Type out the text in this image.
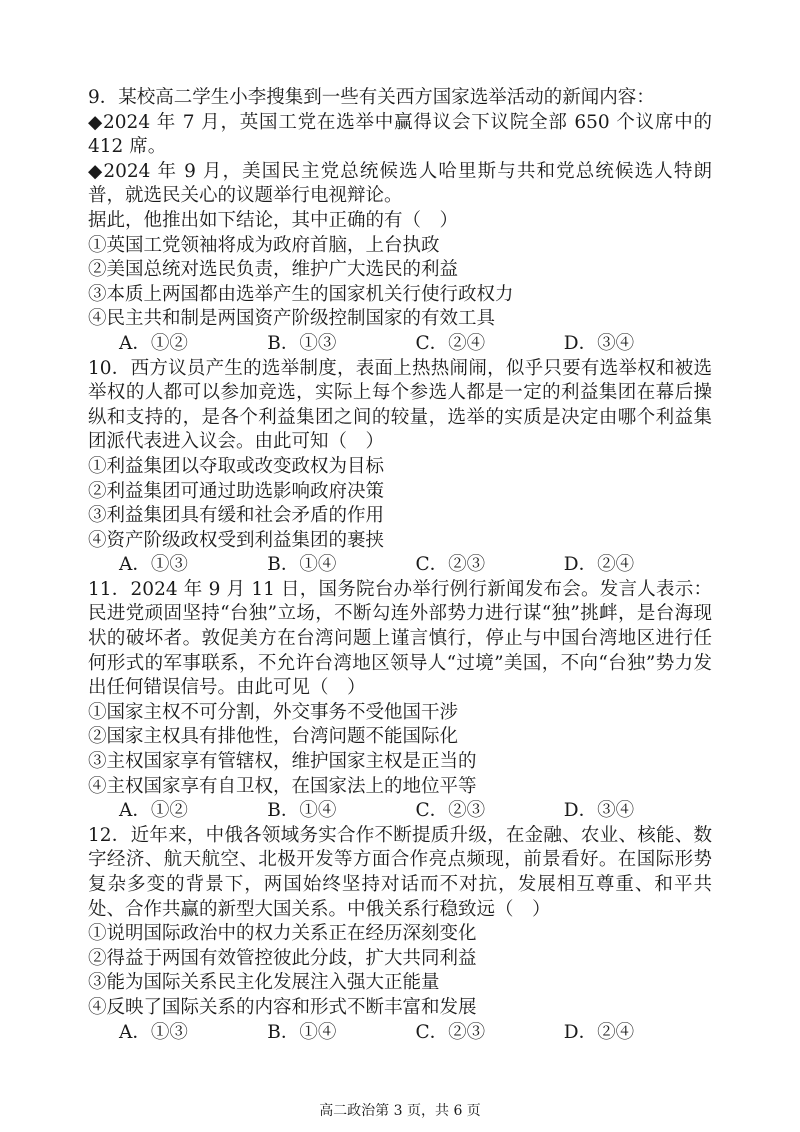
9．某校高二学生小李搜集到一些有关西方国家选举活动的新闻内容：
◆2024 年 7 月，英国工党在选举中赢得议会下议院全部 650 个议席中的 412 席。
◆2024 年 9 月，美国民主党总统候选人哈里斯与共和党总统候选人特朗普，就选民关心的议题举行电视辩论。
据此，他推出如下结论，其中正确的有（　）
①英国工党领袖将成为政府首脑，上台执政
②美国总统对选民负责，维护广大选民的利益
③本质上两国都由选举产生的国家机关行使行政权力
④民主共和制是两国资产阶级控制国家的有效工具
A．①②	B．①③	C．②④	D．③④
10．西方议员产生的选举制度，表面上热热闹闹，似乎只要有选举权和被选举权的人都可以参加竞选，实际上每个参选人都是一定的利益集团在幕后操纵和支持的，是各个利益集团之间的较量，选举的实质是决定由哪个利益集团派代表进入议会。由此可知（　）
①利益集团以夺取或改变政权为目标
②利益集团可通过助选影响政府决策
③利益集团具有缓和社会矛盾的作用
④资产阶级政权受到利益集团的裹挟
A．①③	B．①④	C．②③	D．②④
11．2024 年 9 月 11 日，国务院台办举行例行新闻发布会。发言人表示：民进党顽固坚持“台独”立场，不断勾连外部势力进行谋“独”挑衅，是台海现状的破坏者。敦促美方在台湾问题上谨言慎行，停止与中国台湾地区进行任何形式的军事联系，不允许台湾地区领导人“过境”美国，不向“台独”势力发出任何错误信号。由此可见（　）
①国家主权不可分割，外交事务不受他国干涉
②国家主权具有排他性，台湾问题不能国际化
③主权国家享有管辖权，维护国家主权是正当的
④主权国家享有自卫权，在国家法上的地位平等
A．①②	B．①④	C．②③	D．③④
12．近年来，中俄各领域务实合作不断提质升级，在金融、农业、核能、数字经济、航天航空、北极开发等方面合作亮点频现，前景看好。在国际形势复杂多变的背景下，两国始终坚持对话而不对抗，发展相互尊重、和平共处、合作共赢的新型大国关系。中俄关系行稳致远（　）
①说明国际政治中的权力关系正在经历深刻变化
②得益于两国有效管控彼此分歧，扩大共同利益
③能为国际关系民主化发展注入强大正能量
④反映了国际关系的内容和形式不断丰富和发展
A．①③	B．①④	C．②③	D．②④
高二政治第 3 页，共 6 页
